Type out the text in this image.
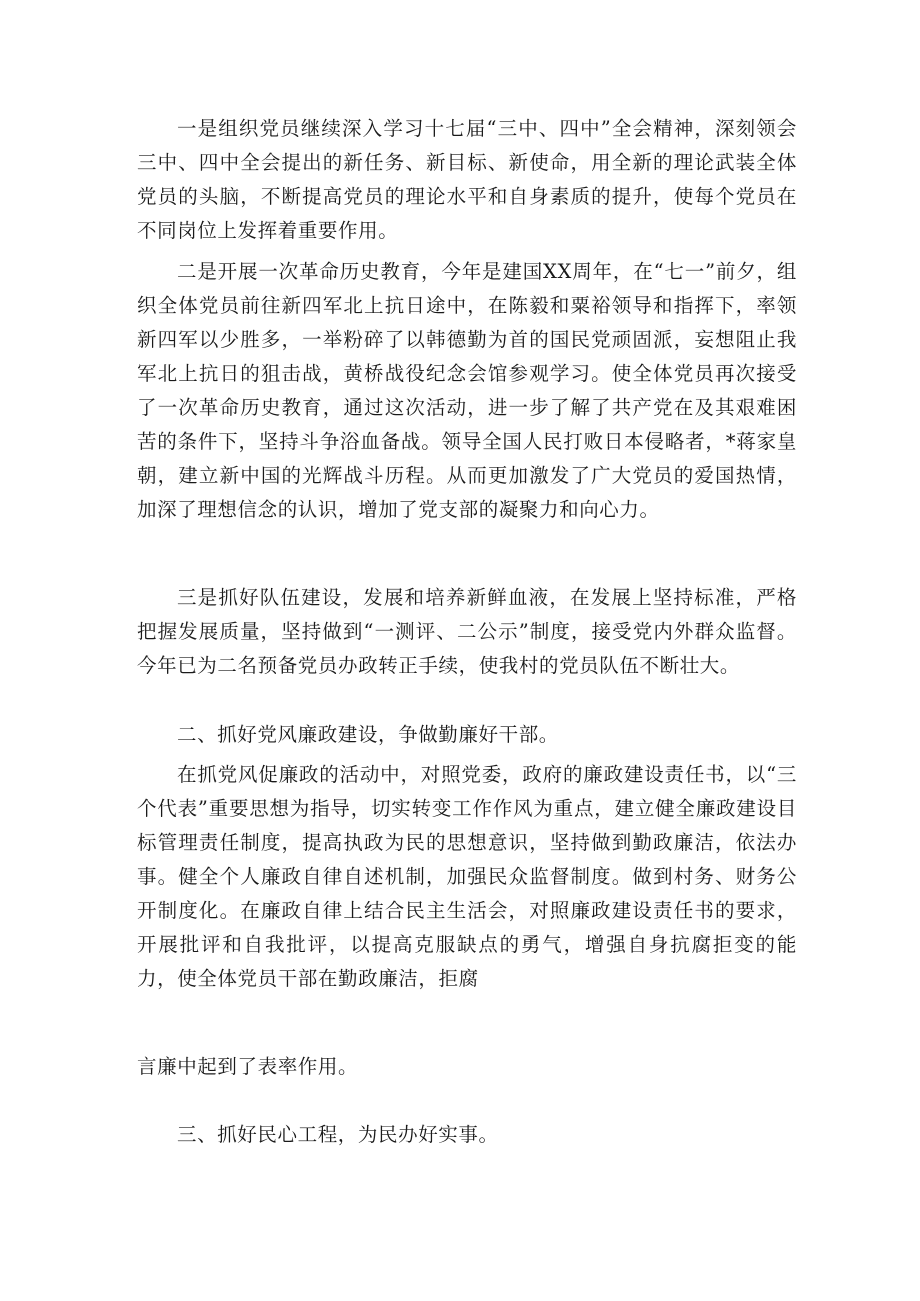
一是组织党员继续深入学习十七届“三中、四中”全会精神，深刻领会三中、四中全会提出的新任务、新目标、新使命，用全新的理论武装全体党员的头脑，不断提高党员的理论水平和自身素质的提升，使每个党员在不同岗位上发挥着重要作用。

二是开展一次革命历史教育，今年是建国XX周年，在“七一”前夕，组织全体党员前往新四军北上抗日途中，在陈毅和粟裕领导和指挥下，率领新四军以少胜多，一举粉碎了以韩德勤为首的国民党顽固派，妄想阻止我军北上抗日的狙击战，黄桥战役纪念会馆参观学习。使全体党员再次接受了一次革命历史教育，通过这次活动，进一步了解了共产党在及其艰难困苦的条件下，坚持斗争浴血备战。领导全国人民打败日本侵略者，*蒋家皇朝，建立新中国的光辉战斗历程。从而更加激发了广大党员的爱国热情，加深了理想信念的认识，增加了党支部的凝聚力和向心力。

三是抓好队伍建设，发展和培养新鲜血液，在发展上坚持标准，严格把握发展质量，坚持做到“一测评、二公示”制度，接受党内外群众监督。今年已为二名预备党员办政转正手续，使我村的党员队伍不断壮大。

二、抓好党风廉政建设，争做勤廉好干部。

在抓党风促廉政的活动中，对照党委，政府的廉政建设责任书，以“三个代表”重要思想为指导，切实转变工作作风为重点，建立健全廉政建设目标管理责任制度，提高执政为民的思想意识，坚持做到勤政廉洁，依法办事。健全个人廉政自律自述机制，加强民众监督制度。做到村务、财务公开制度化。在廉政自律上结合民主生活会，对照廉政建设责任书的要求，开展批评和自我批评，以提高克服缺点的勇气，增强自身抗腐拒变的能力，使全体党员干部在勤政廉洁，拒腐

言廉中起到了表率作用。

三、抓好民心工程，为民办好实事。
